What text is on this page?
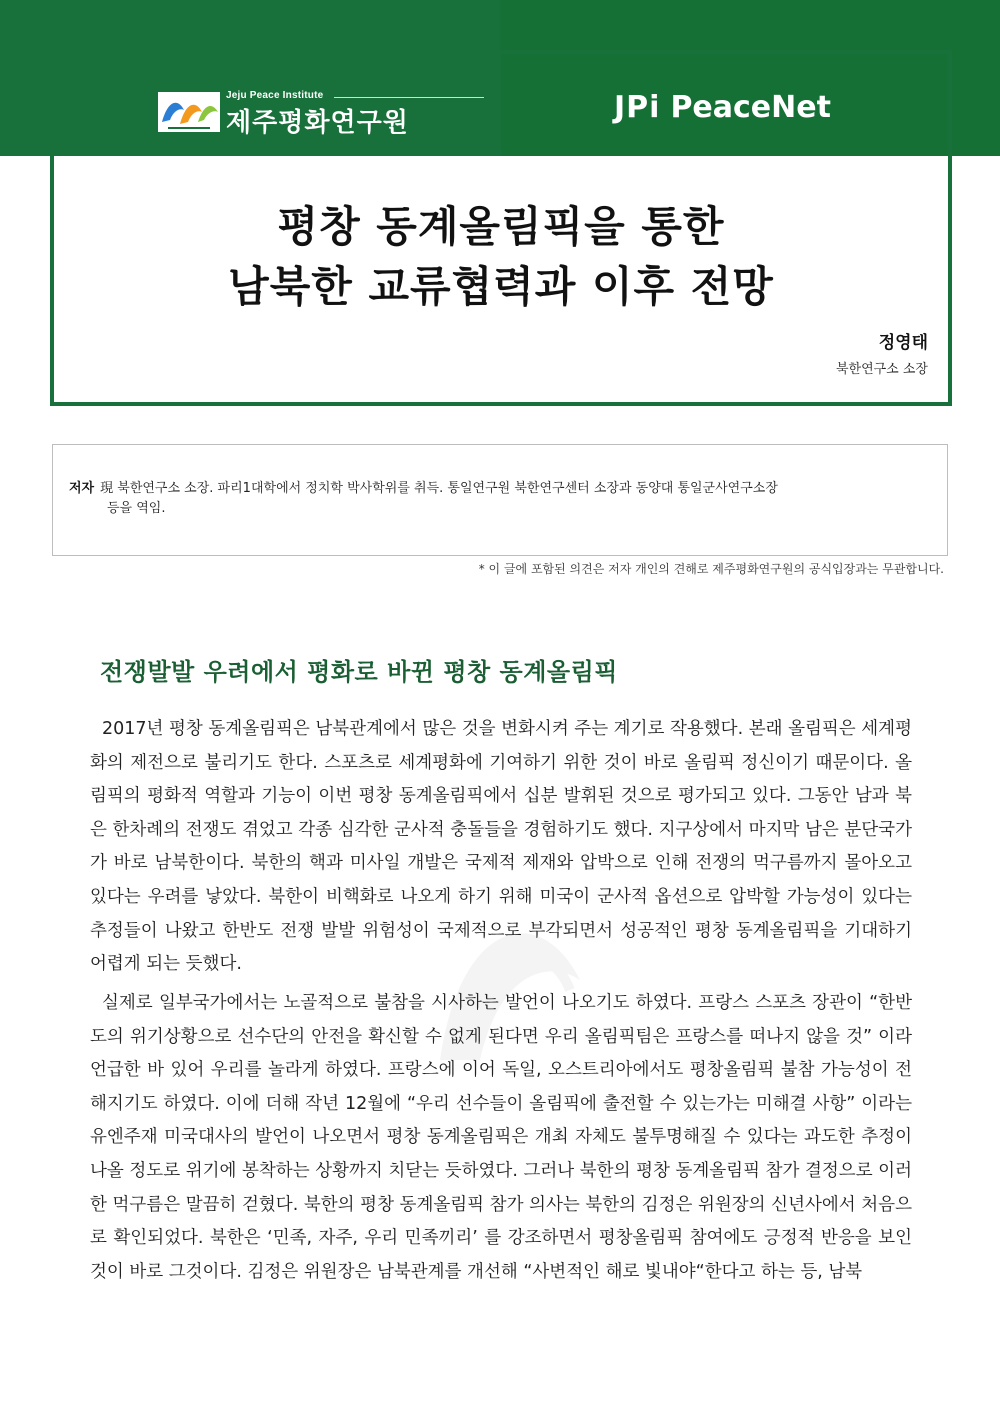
Jeju Peace Institute
제주평화연구원	JPi PeaceNet
평창 동계올림픽을 통한
남북한 교류협력과 이후 전망
정영태
북한연구소 소장
저자 現 북한연구소 소장. 파리1대학에서 정치학 박사학위를 취득. 통일연구원 북한연구센터 소장과 동양대 통일군사연구소장
등을 역임.
* 이 글에 포함된 의견은 저자 개인의 견해로 제주평화연구원의 공식입장과는 무관합니다.
전쟁발발 우려에서 평화로 바뀐 평창 동계올림픽
2017년 평창 동계올림픽은 남북관계에서 많은 것을 변화시켜 주는 계기로 작용했다. 본래 올림픽은 세계평화의 제전으로 불리기도 한다. 스포츠로 세계평화에 기여하기 위한 것이 바로 올림픽 정신이기 때문이다. 올림픽의 평화적 역할과 기능이 이번 평창 동계올림픽에서 십분 발휘된 것으로 평가되고 있다. 그동안 남과 북은 한차례의 전쟁도 겪었고 각종 심각한 군사적 충돌들을 경험하기도 했다. 지구상에서 마지막 남은 분단국가가 바로 남북한이다. 북한의 핵과 미사일 개발은 국제적 제재와 압박으로 인해 전쟁의 먹구름까지 몰아오고 있다는 우려를 낳았다. 북한이 비핵화로 나오게 하기 위해 미국이 군사적 옵션으로 압박할 가능성이 있다는 추정들이 나왔고 한반도 전쟁 발발 위험성이 국제적으로 부각되면서 성공적인 평창 동계올림픽을 기대하기 어렵게 되는 듯했다.
실제로 일부국가에서는 노골적으로 불참을 시사하는 발언이 나오기도 하였다. 프랑스 스포츠 장관이 “한반도의 위기상황으로 선수단의 안전을 확신할 수 없게 된다면 우리 올림픽팀은 프랑스를 떠나지 않을 것” 이라 언급한 바 있어 우리를 놀라게 하였다. 프랑스에 이어 독일, 오스트리아에서도 평창올림픽 불참 가능성이 전해지기도 하였다. 이에 더해 작년 12월에 “우리 선수들이 올림픽에 출전할 수 있는가는 미해결 사항” 이라는 유엔주재 미국대사의 발언이 나오면서 평창 동계올림픽은 개최 자체도 불투명해질 수 있다는 과도한 추정이 나올 정도로 위기에 봉착하는 상황까지 치닫는 듯하였다. 그러나 북한의 평창 동계올림픽 참가 결정으로 이러한 먹구름은 말끔히 걷혔다. 북한의 평창 동계올림픽 참가 의사는 북한의 김정은 위원장의 신년사에서 처음으로 확인되었다. 북한은 ‘민족, 자주, 우리 민족끼리’ 를 강조하면서 평창올림픽 참여에도 긍정적 반응을 보인 것이 바로 그것이다. 김정은 위원장은 남북관계를 개선해 “사변적인 해로 빛내야“한다고 하는 등, 남북
